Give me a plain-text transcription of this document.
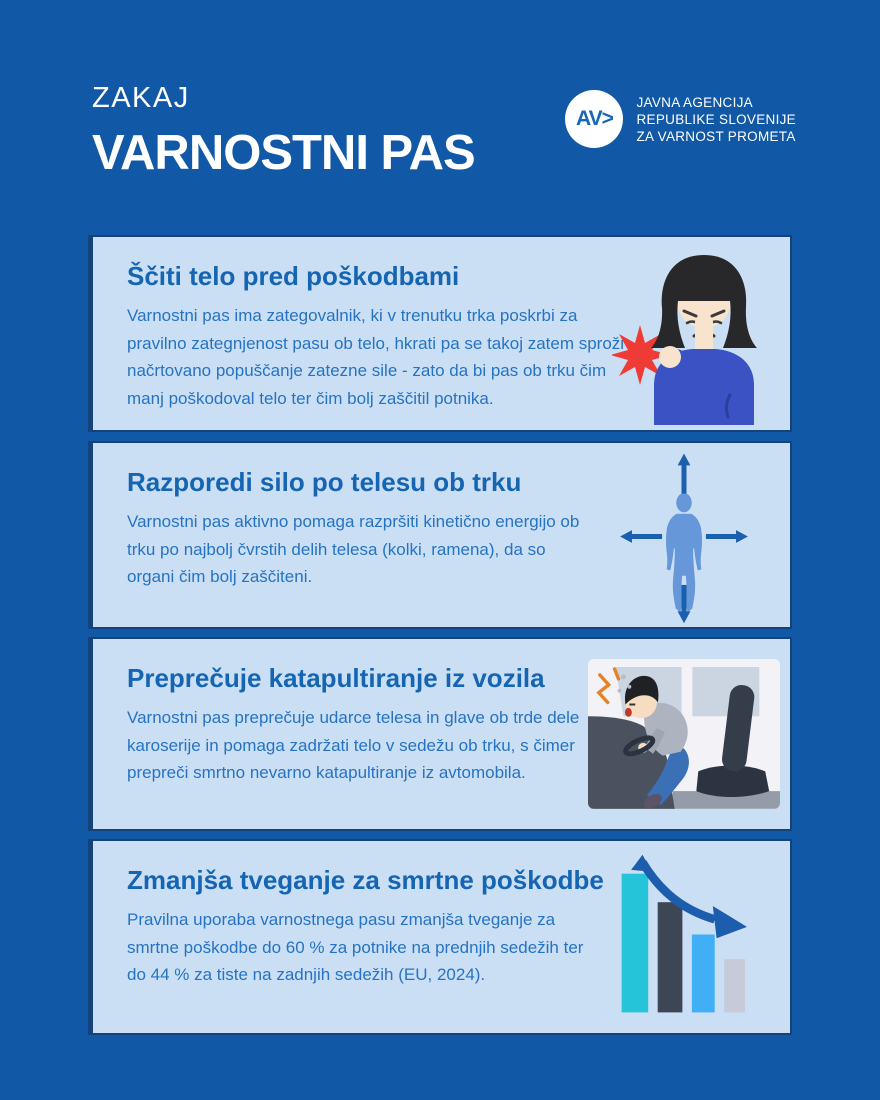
ZAKAJ
VARNOSTNI PAS
AV>
JAVNA AGENCIJA
REPUBLIKE SLOVENIJE
ZA VARNOST PROMETA
Ščiti telo pred poškodbami

Varnostni pas ima zategovalnik, ki v trenutku trka poskrbi za pravilno zategnjenost pasu ob telo, hkrati pa se takoj zatem sproži načrtovano popuščanje zatezne sile - zato da bi pas ob trku čim manj poškodoval telo ter čim bolj zaščitil potnika.

Razporedi silo po telesu ob trku

Varnostni pas aktivno pomaga razpršiti kinetično energijo ob trku po najbolj čvrstih delih telesa (kolki, ramena), da so organi čim bolj zaščiteni.

Preprečuje katapultiranje iz vozila

Varnostni pas preprečuje udarce telesa in glave ob trde dele karoserije in pomaga zadržati telo v sedežu ob trku, s čimer prepreči smrtno nevarno katapultiranje iz avtomobila.

Zmanjša tveganje za smrtne poškodbe

Pravilna uporaba varnostnega pasu zmanjša tveganje za smrtne poškodbe do 60 % za potnike na prednjih sedežih ter do 44 % za tiste na zadnjih sedežih (EU, 2024).
